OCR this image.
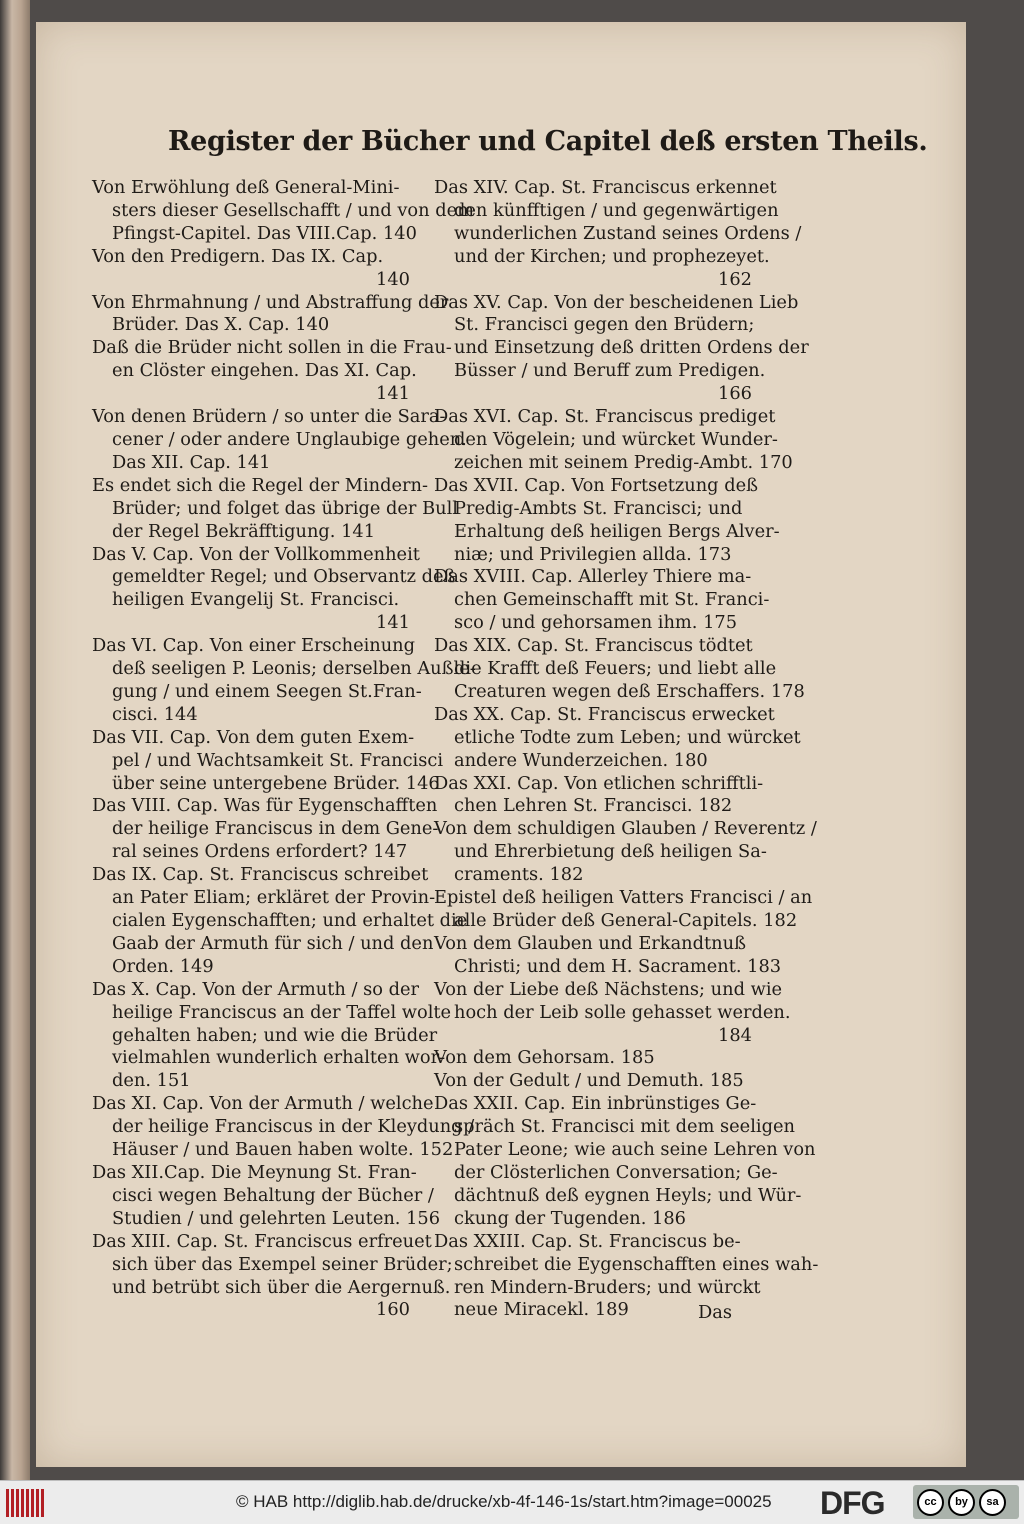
Register der Bücher und Capitel deß ersten Theils.
Von Erwöhlung deß General-Mini-
sters dieser Gesellschafft / und von dem
Pfingst-Capitel. Das VIII.Cap. 140
Von den Predigern. Das IX. Cap.
140
Von Ehrmahnung / und Abstraffung der
Brüder. Das X. Cap. 140
Daß die Brüder nicht sollen in die Frau-
en Clöster eingehen. Das XI. Cap.
141
Von denen Brüdern / so unter die Sara-
cener / oder andere Unglaubige gehen.
Das XII. Cap. 141
Es endet sich die Regel der Mindern-
Brüder; und folget das übrige der Bull
der Regel Bekräfftigung. 141
Das V. Cap. Von der Vollkommenheit
gemeldter Regel; und Observantz deß
heiligen Evangelij St. Francisci.
141
Das VI. Cap. Von einer Erscheinung
deß seeligen P. Leonis; derselben Außle-
gung / und einem Seegen St.Fran-
cisci. 144
Das VII. Cap. Von dem guten Exem-
pel / und Wachtsamkeit St. Francisci
über seine untergebene Brüder. 146
Das VIII. Cap. Was für Eygenschafften
der heilige Franciscus in dem Gene-
ral seines Ordens erfordert? 147
Das IX. Cap. St. Franciscus schreibet
an Pater Eliam; erkläret der Provin-
cialen Eygenschafften; und erhaltet die
Gaab der Armuth für sich / und den
Orden. 149
Das X. Cap. Von der Armuth / so der
heilige Franciscus an der Taffel wolte
gehalten haben; und wie die Brüder
vielmahlen wunderlich erhalten wor-
den. 151
Das XI. Cap. Von der Armuth / welche
der heilige Franciscus in der Kleydung /
Häuser / und Bauen haben wolte. 152
Das XII.Cap. Die Meynung St. Fran-
cisci wegen Behaltung der Bücher /
Studien / und gelehrten Leuten. 156
Das XIII. Cap. St. Franciscus erfreuet
sich über das Exempel seiner Brüder;
und betrübt sich über die Aergernuß.
160
Das XIV. Cap. St. Franciscus erkennet
den künfftigen / und gegenwärtigen
wunderlichen Zustand seines Ordens /
und der Kirchen; und prophezeyet.
162
Das XV. Cap. Von der bescheidenen Lieb
St. Francisci gegen den Brüdern;
und Einsetzung deß dritten Ordens der
Büsser / und Beruff zum Predigen.
166
Das XVI. Cap. St. Franciscus prediget
den Vögelein; und würcket Wunder-
zeichen mit seinem Predig-Ambt. 170
Das XVII. Cap. Von Fortsetzung deß
Predig-Ambts St. Francisci; und
Erhaltung deß heiligen Bergs Alver-
niæ; und Privilegien allda. 173
Das XVIII. Cap. Allerley Thiere ma-
chen Gemeinschafft mit St. Franci-
sco / und gehorsamen ihm. 175
Das XIX. Cap. St. Franciscus tödtet
die Krafft deß Feuers; und liebt alle
Creaturen wegen deß Erschaffers. 178
Das XX. Cap. St. Franciscus erwecket
etliche Todte zum Leben; und würcket
andere Wunderzeichen. 180
Das XXI. Cap. Von etlichen schrifftli-
chen Lehren St. Francisci. 182
Von dem schuldigen Glauben / Reverentz /
und Ehrerbietung deß heiligen Sa-
craments. 182
Epistel deß heiligen Vatters Francisci / an
alle Brüder deß General-Capitels. 182
Von dem Glauben und Erkandtnuß
Christi; und dem H. Sacrament. 183
Von der Liebe deß Nächstens; und wie
hoch der Leib solle gehasset werden.
184
Von dem Gehorsam. 185
Von der Gedult / und Demuth. 185
Das XXII. Cap. Ein inbrünstiges Ge-
spräch St. Francisci mit dem seeligen
Pater Leone; wie auch seine Lehren von
der Clösterlichen Conversation; Ge-
dächtnuß deß eygnen Heyls; und Wür-
ckung der Tugenden. 186
Das XXIII. Cap. St. Franciscus be-
schreibet die Eygenschafften eines wah-
ren Mindern-Bruders; und würckt
neue Miracekl. 189	Das
© HAB http://diglib.hab.de/drucke/xb-4f-146-1s/start.htm?image=00025 DFG	cc	by	sa
